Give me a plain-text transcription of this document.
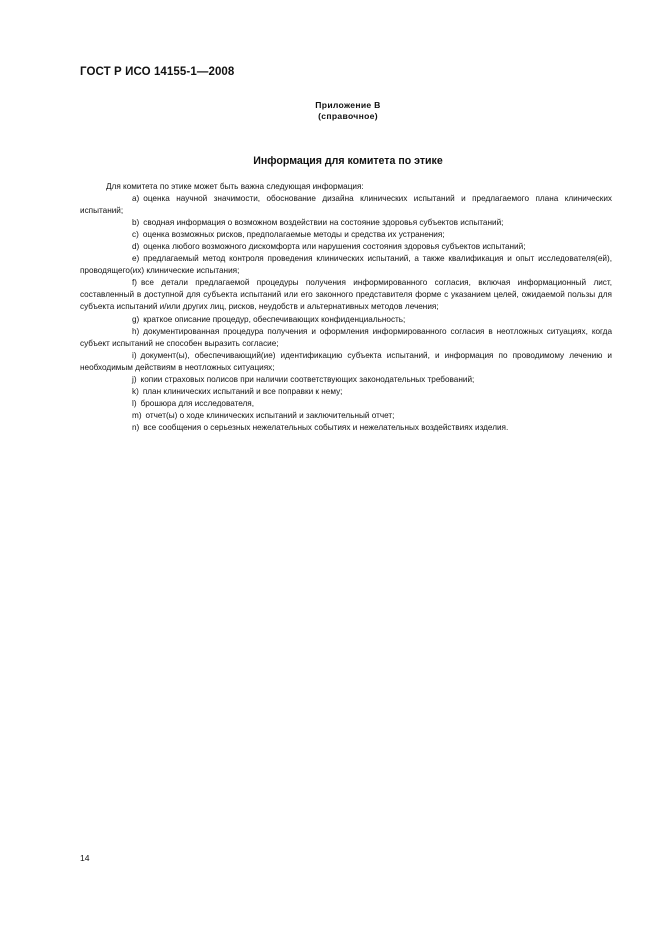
ГОСТ Р ИСО 14155-1—2008
Приложение В
(справочное)
Информация для комитета по этике

Для комитета по этике может быть важна следующая информация:

a) оценка научной значимости, обоснование дизайна клинических испытаний и предлагаемого плана клинических испытаний;

b) сводная информация о возможном воздействии на состояние здоровья субъектов испытаний;

c) оценка возможных рисков, предполагаемые методы и средства их устранения;

d) оценка любого возможного дискомфорта или нарушения состояния здоровья субъектов испытаний;

e) предлагаемый метод контроля проведения клинических испытаний, а также квалификация и опыт исследователя(ей), проводящего(их) клинические испытания;

f) все детали предлагаемой процедуры получения информированного согласия, включая информационный лист, составленный в доступной для субъекта испытаний или его законного представителя форме с указанием целей, ожидаемой пользы для субъекта испытаний и/или других лиц, рисков, неудобств и альтернативных методов лечения;

g) краткое описание процедур, обеспечивающих конфиденциальность;

h) документированная процедура получения и оформления информированного согласия в неотложных ситуациях, когда субъект испытаний не способен выразить согласие;

i) документ(ы), обеспечивающий(ие) идентификацию субъекта испытаний, и информация по проводимому лечению и необходимым действиям в неотложных ситуациях;

j) копии страховых полисов при наличии соответствующих законодательных требований;

k) план клинических испытаний и все поправки к нему;

l) брошюра для исследователя,

m) отчет(ы) о ходе клинических испытаний и заключительный отчет;

n) все сообщения о серьезных нежелательных событиях и нежелательных воздействиях изделия.

14
